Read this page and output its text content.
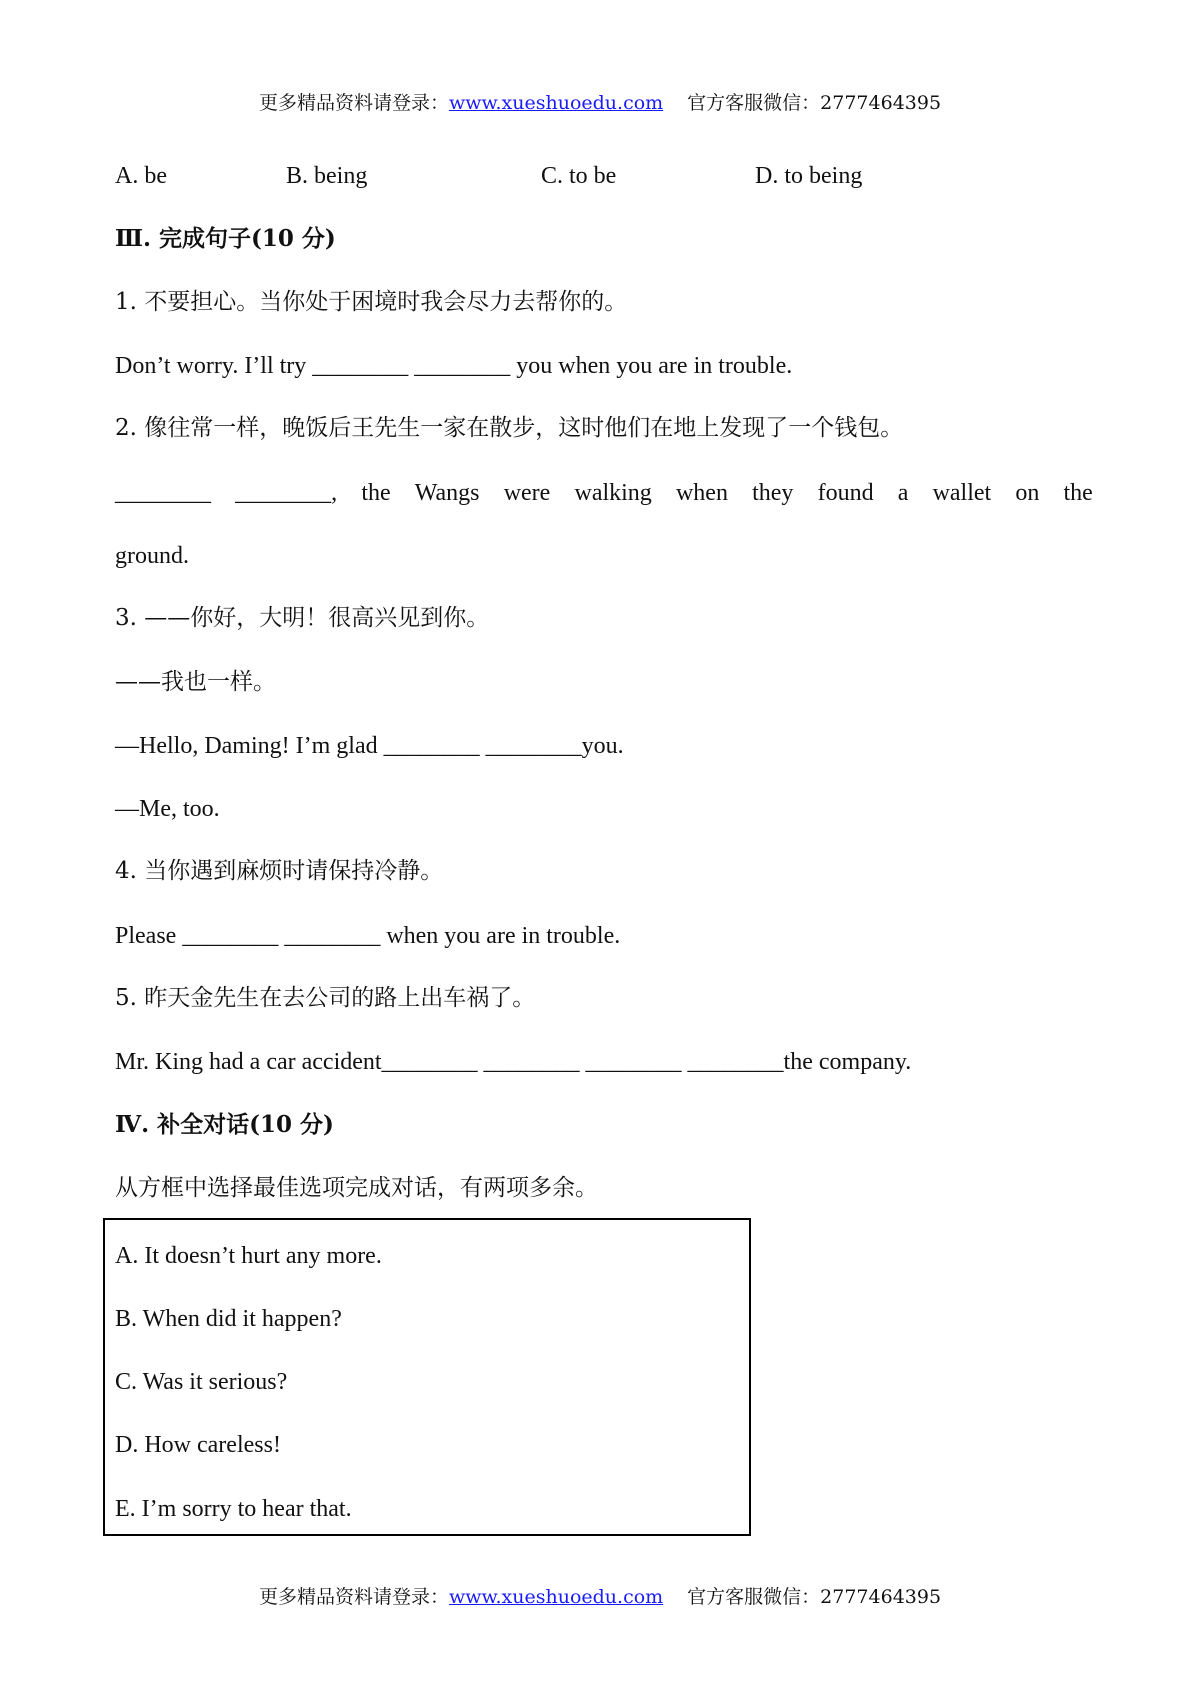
更多精品资料请登录：www.xueshuoedu.com 官方客服微信：2777464395
A. be	B. being	C. to be	D. to being
Ⅲ. 完成句子(10 分)
1. 不要担心。当你处于困境时我会尽力去帮你的。
Don’t worry. I’ll try ________ ________ you when you are in trouble.
2. 像往常一样，晚饭后王先生一家在散步，这时他们在地上发现了一个钱包。
________ ________, the Wangs were walking when they found a wallet on the
ground.
3. ——你好，大明！很高兴见到你。
——我也一样。
—Hello, Daming! I’m glad ________ ________you.
—Me, too.
4. 当你遇到麻烦时请保持冷静。
Please ________ ________ when you are in trouble.
5. 昨天金先生在去公司的路上出车祸了。
Mr. King had a car accident________ ________ ________ ________the company.
Ⅳ. 补全对话(10 分)
从方框中选择最佳选项完成对话，有两项多余。
A. It doesn’t hurt any more.
B. When did it happen?
C. Was it serious?
D. How careless!
E. I’m sorry to hear that.
更多精品资料请登录：www.xueshuoedu.com 官方客服微信：2777464395
